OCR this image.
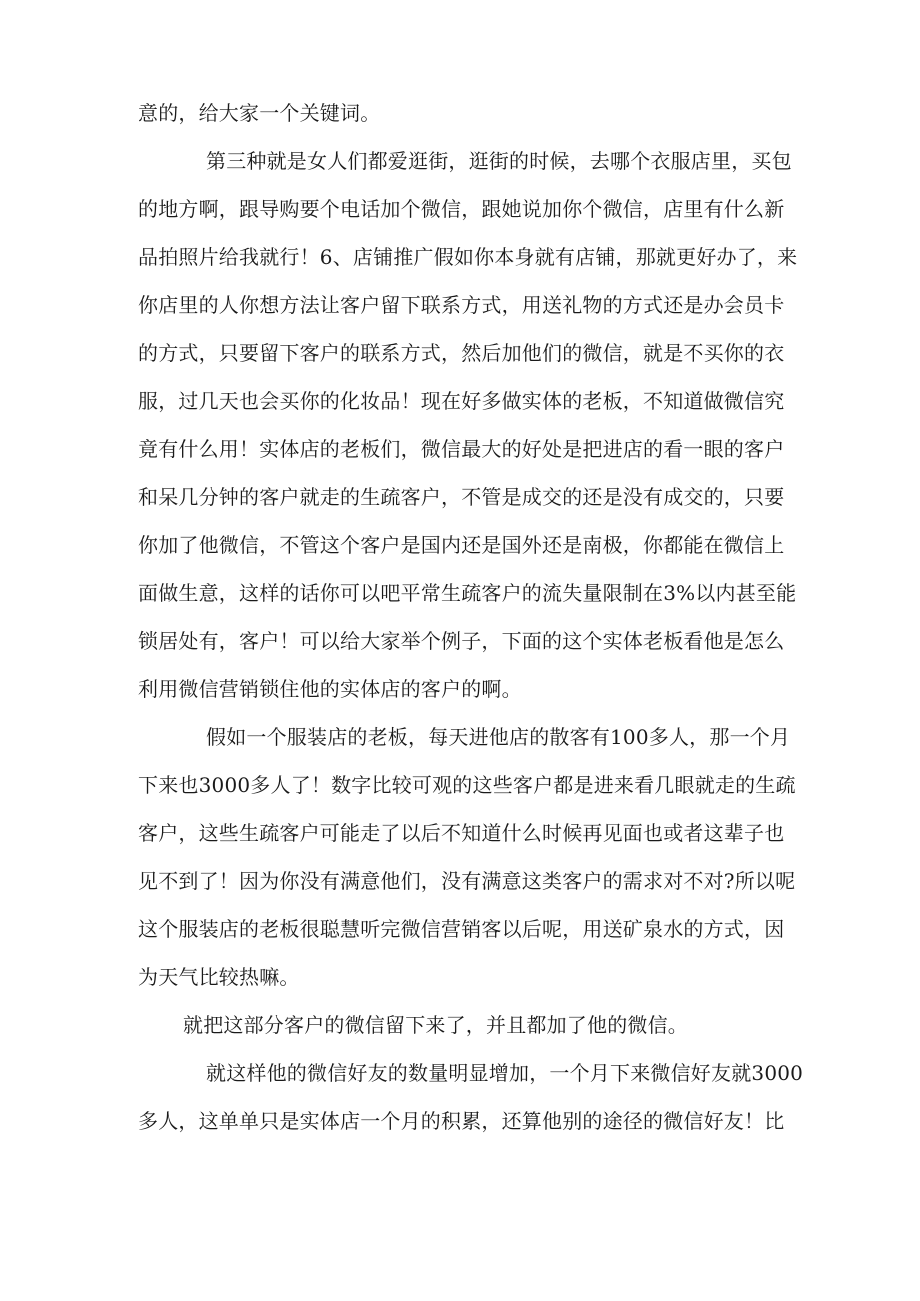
意的，给大家一个关键词。

第三种就是女人们都爱逛街，逛街的时候，去哪个衣服店里，买包

的地方啊，跟导购要个电话加个微信，跟她说加你个微信，店里有什么新

品拍照片给我就行！6、店铺推广假如你本身就有店铺，那就更好办了，来

你店里的人你想方法让客户留下联系方式，用送礼物的方式还是办会员卡

的方式，只要留下客户的联系方式，然后加他们的微信，就是不买你的衣

服，过几天也会买你的化妆品！现在好多做实体的老板，不知道做微信究

竟有什么用！实体店的老板们，微信最大的好处是把进店的看一眼的客户

和呆几分钟的客户就走的生疏客户，不管是成交的还是没有成交的，只要

你加了他微信，不管这个客户是国内还是国外还是南极，你都能在微信上

面做生意，这样的话你可以吧平常生疏客户的流失量限制在3%以内甚至能

锁居处有，客户！可以给大家举个例子，下面的这个实体老板看他是怎么

利用微信营销锁住他的实体店的客户的啊。

假如一个服装店的老板，每天进他店的散客有100多人，那一个月

下来也3000多人了！数字比较可观的这些客户都是进来看几眼就走的生疏

客户，这些生疏客户可能走了以后不知道什么时候再见面也或者这辈子也

见不到了！因为你没有满意他们，没有满意这类客户的需求对不对?所以呢

这个服装店的老板很聪慧听完微信营销客以后呢，用送矿泉水的方式，因

为天气比较热嘛。

就把这部分客户的微信留下来了，并且都加了他的微信。

就这样他的微信好友的数量明显增加，一个月下来微信好友就3000

多人，这单单只是实体店一个月的积累，还算他别的途径的微信好友！比
